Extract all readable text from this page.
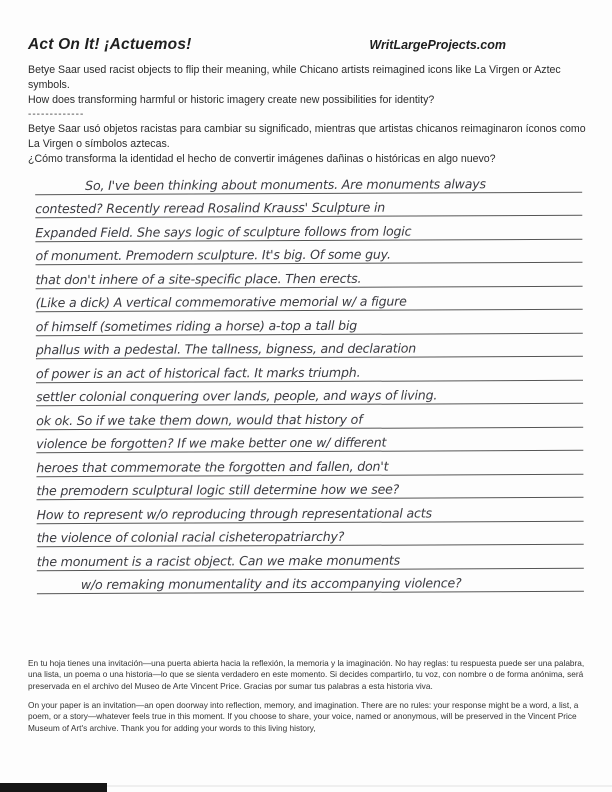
Act On It! ¡Actuemos!	WritLargeProjects.com

Betye Saar used racist objects to flip their meaning, while Chicano artists reimagined icons like La Virgen or Aztec symbols.

How does transforming harmful or historic imagery create new possibilities for identity?

-------------

Betye Saar usó objetos racistas para cambiar su significado, mientras que artistas chicanos reimaginaron íconos como La Virgen o símbolos aztecas.

¿Cómo transforma la identidad el hecho de convertir imágenes dañinas o históricas en algo nuevo?

So, I've been thinking about monuments. Are monuments always
contested? Recently reread Rosalind Krauss' Sculpture in
Expanded Field. She says logic of sculpture follows from logic
of monument. Premodern sculpture. It's big. Of some guy.
that don't inhere of a site-specific place. Then erects.
(Like a dick) A vertical commemorative memorial w/ a figure
of himself (sometimes riding a horse) a-top a tall big
phallus with a pedestal. The tallness, bigness, and declaration
of power is an act of historical fact. It marks triumph.
settler colonial conquering over lands, people, and ways of living.
ok ok. So if we take them down, would that history of
violence be forgotten? If we make better one w/ different
heroes that commemorate the forgotten and fallen, don't
the premodern sculptural logic still determine how we see?
How to represent w/o reproducing through representational acts
the violence of colonial racial cisheteropatriarchy?
the monument is a racist object. Can we make monuments
w/o remaking monumentality and its accompanying violence?

En tu hoja tienes una invitación—una puerta abierta hacia la reflexión, la memoria y la imaginación. No hay reglas: tu respuesta puede ser una palabra, una lista, un poema o una historia—lo que se sienta verdadero en este momento. Si decides compartirlo, tu voz, con nombre o de forma anónima, será preservada en el archivo del Museo de Arte Vincent Price. Gracias por sumar tus palabras a esta historia viva.

On your paper is an invitation—an open doorway into reflection, memory, and imagination. There are no rules: your response might be a word, a list, a poem, or a story—whatever feels true in this moment. If you choose to share, your voice, named or anonymous, will be preserved in the Vincent Price Museum of Art's archive. Thank you for adding your words to this living history,
